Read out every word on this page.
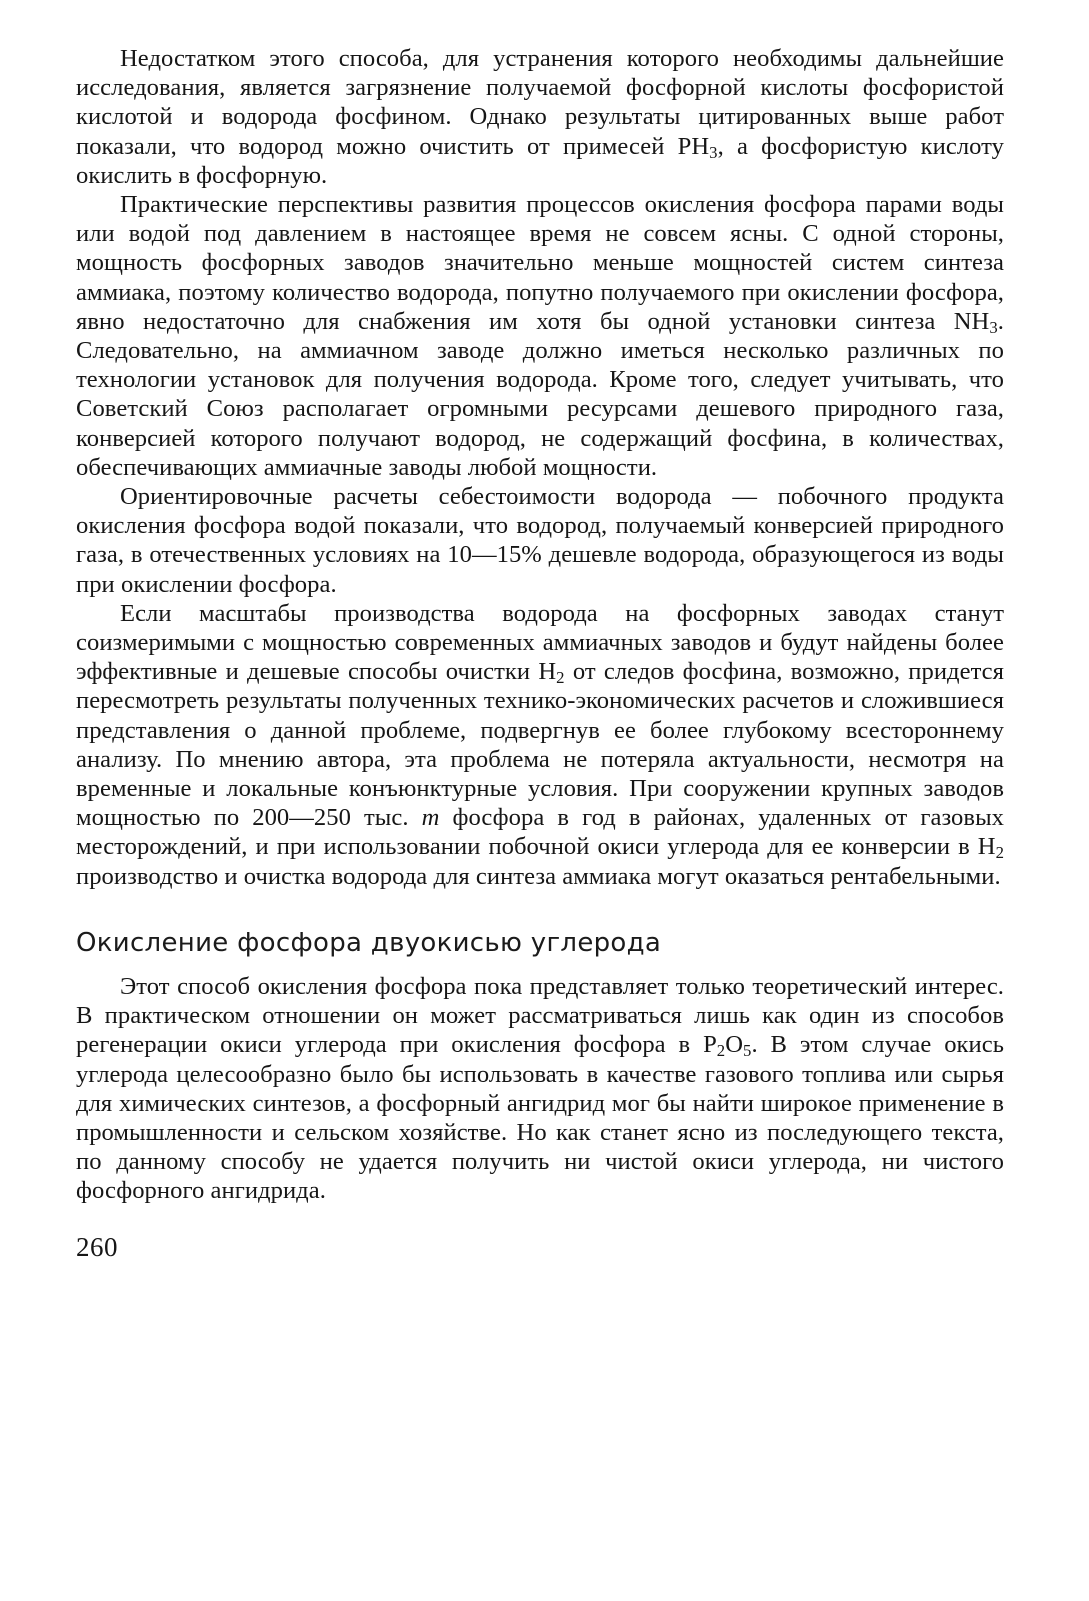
Недостатком этого способа, для устранения которого необходимы дальнейшие исследования, является загрязнение получаемой фосфорной кислоты фосфористой кислотой и водорода фосфином. Однако результаты цитированных выше работ показали, что водород можно очистить от примесей $PH_3$, а фосфористую кислоту окислить в фосфорную.

Практические перспективы развития процессов окисления фосфора парами воды или водой под давлением в настоящее время не совсем ясны. С одной стороны, мощность фосфорных заводов значительно меньше мощностей систем синтеза аммиака, поэтому количество водорода, попутно получаемого при окислении фосфора, явно недостаточно для снабжения им хотя бы одной установки синтеза $NH_3$. Следовательно, на аммиачном заводе должно иметься несколько различных по технологии установок для получения водорода. Кроме того, следует учитывать, что Советский Союз располагает огромными ресурсами дешевого природного газа, конверсией которого получают водород, не содержащий фосфина, в количествах, обеспечивающих аммиачные заводы любой мощности.

Ориентировочные расчеты себестоимости водорода — побочного продукта окисления фосфора водой показали, что водород, получаемый конверсией природного газа, в отечественных условиях на 10—15% дешевле водорода, образующегося из воды при окислении фосфора.

Если масштабы производства водорода на фосфорных заводах станут соизмеримыми с мощностью современных аммиачных заводов и будут найдены более эффективные и дешевые способы очистки $H_2$ от следов фосфина, возможно, придется пересмотреть результаты полученных технико-экономических расчетов и сложившиеся представления о данной проблеме, подвергнув ее более глубокому всестороннему анализу. По мнению автора, эта проблема не потеряла актуальности, несмотря на временные и локальные конъюнктурные условия. При сооружении крупных заводов мощностью по 200—250 тыс. т фосфора в год в районах, удаленных от газовых месторождений, и при использовании побочной окиси углерода для ее конверсии в $H_2$ производство и очистка водорода для синтеза аммиака могут оказаться рентабельными.

Окисление фосфора двуокисью углерода

Этот способ окисления фосфора пока представляет только теоретический интерес. В практическом отношении он может рассматриваться лишь как один из способов регенерации окиси углерода при окисления фосфора в $P_2O_5$. В этом случае окись углерода целесообразно было бы использовать в качестве газового топлива или сырья для химических синтезов, а фосфорный ангидрид мог бы найти широкое применение в промышленности и сельском хозяйстве. Но как станет ясно из последующего текста, по данному способу не удается получить ни чистой окиси углерода, ни чистого фосфорного ангидрида.

260
